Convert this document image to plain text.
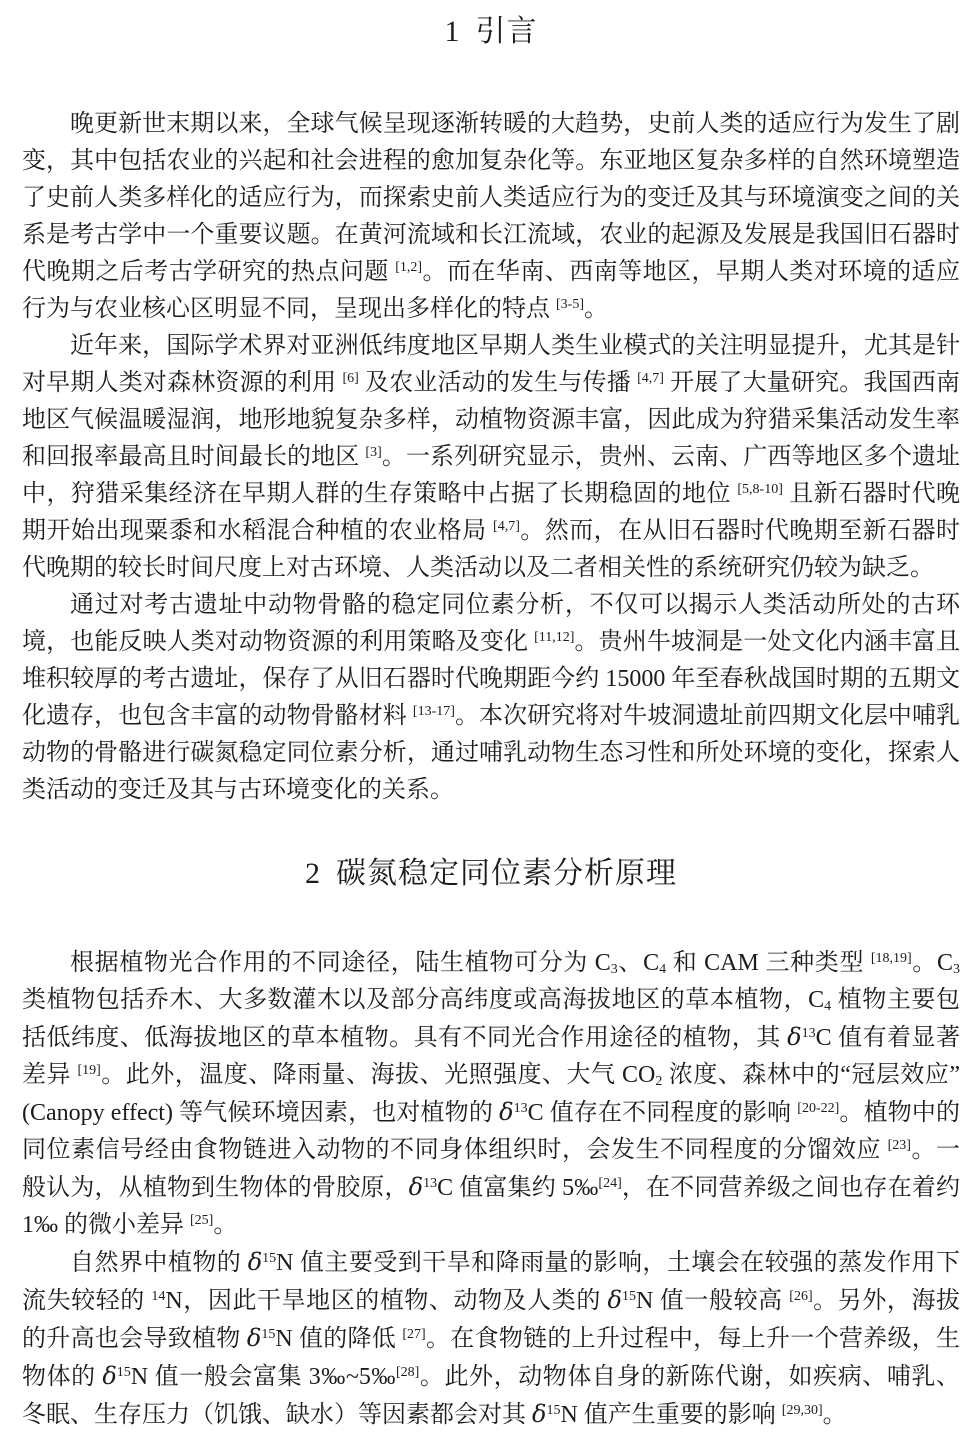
1 引言

晚更新世末期以来，全球气候呈现逐渐转暖的大趋势，史前人类的适应行为发生了剧变，其中包括农业的兴起和社会进程的愈加复杂化等。东亚地区复杂多样的自然环境塑造了史前人类多样化的适应行为，而探索史前人类适应行为的变迁及其与环境演变之间的关系是考古学中一个重要议题。在黄河流域和长江流域，农业的起源及发展是我国旧石器时代晚期之后考古学研究的热点问题 [1,2]。而在华南、西南等地区，早期人类对环境的适应行为与农业核心区明显不同，呈现出多样化的特点 [3-5]。

近年来，国际学术界对亚洲低纬度地区早期人类生业模式的关注明显提升，尤其是针对早期人类对森林资源的利用 [6] 及农业活动的发生与传播 [4,7] 开展了大量研究。我国西南地区气候温暖湿润，地形地貌复杂多样，动植物资源丰富，因此成为狩猎采集活动发生率和回报率最高且时间最长的地区 [3]。一系列研究显示，贵州、云南、广西等地区多个遗址中，狩猎采集经济在早期人群的生存策略中占据了长期稳固的地位 [5,8-10] 且新石器时代晚期开始出现粟黍和水稻混合种植的农业格局 [4,7]。然而，在从旧石器时代晚期至新石器时代晚期的较长时间尺度上对古环境、人类活动以及二者相关性的系统研究仍较为缺乏。

通过对考古遗址中动物骨骼的稳定同位素分析，不仅可以揭示人类活动所处的古环境，也能反映人类对动物资源的利用策略及变化 [11,12]。贵州牛坡洞是一处文化内涵丰富且堆积较厚的考古遗址，保存了从旧石器时代晚期距今约 15000 年至春秋战国时期的五期文化遗存，也包含丰富的动物骨骼材料 [13-17]。本次研究将对牛坡洞遗址前四期文化层中哺乳动物的骨骼进行碳氮稳定同位素分析，通过哺乳动物生态习性和所处环境的变化，探索人类活动的变迁及其与古环境变化的关系。

2 碳氮稳定同位素分析原理

根据植物光合作用的不同途径，陆生植物可分为 $C_3$、$C_4$ 和 CAM 三种类型 [18,19]。$C_3$ 类植物包括乔木、大多数灌木以及部分高纬度或高海拔地区的草本植物，$C_4$ 植物主要包括低纬度、低海拔地区的草本植物。具有不同光合作用途径的植物，其 $\delta^{13}C$ 值有着显著差异 [19]。此外，温度、降雨量、海拔、光照强度、大气 $CO_2$ 浓度、森林中的“冠层效应”(Canopy effect) 等气候环境因素，也对植物的 $\delta^{13}C$ 值存在不同程度的影响 [20-22]。植物中的同位素信号经由食物链进入动物的不同身体组织时，会发生不同程度的分馏效应 [23]。一般认为，从植物到生物体的骨胶原，$\delta^{13}C$ 值富集约 5‰[24]，在不同营养级之间也存在着约 1‰ 的微小差异 [25]。

自然界中植物的 $\delta^{15}N$ 值主要受到干旱和降雨量的影响，土壤会在较强的蒸发作用下流失较轻的 $^{14}$N，因此干旱地区的植物、动物及人类的 $\delta^{15}N$ 值一般较高 [26]。另外，海拔的升高也会导致植物 $\delta^{15}N$ 值的降低 [27]。在食物链的上升过程中，每上升一个营养级，生物体的 $\delta^{15}N$ 值一般会富集 3‰~5‰[28]。此外，动物体自身的新陈代谢，如疾病、哺乳、冬眠、生存压力（饥饿、缺水）等因素都会对其 $\delta^{15}N$ 值产生重要的影响 [29,30]。
